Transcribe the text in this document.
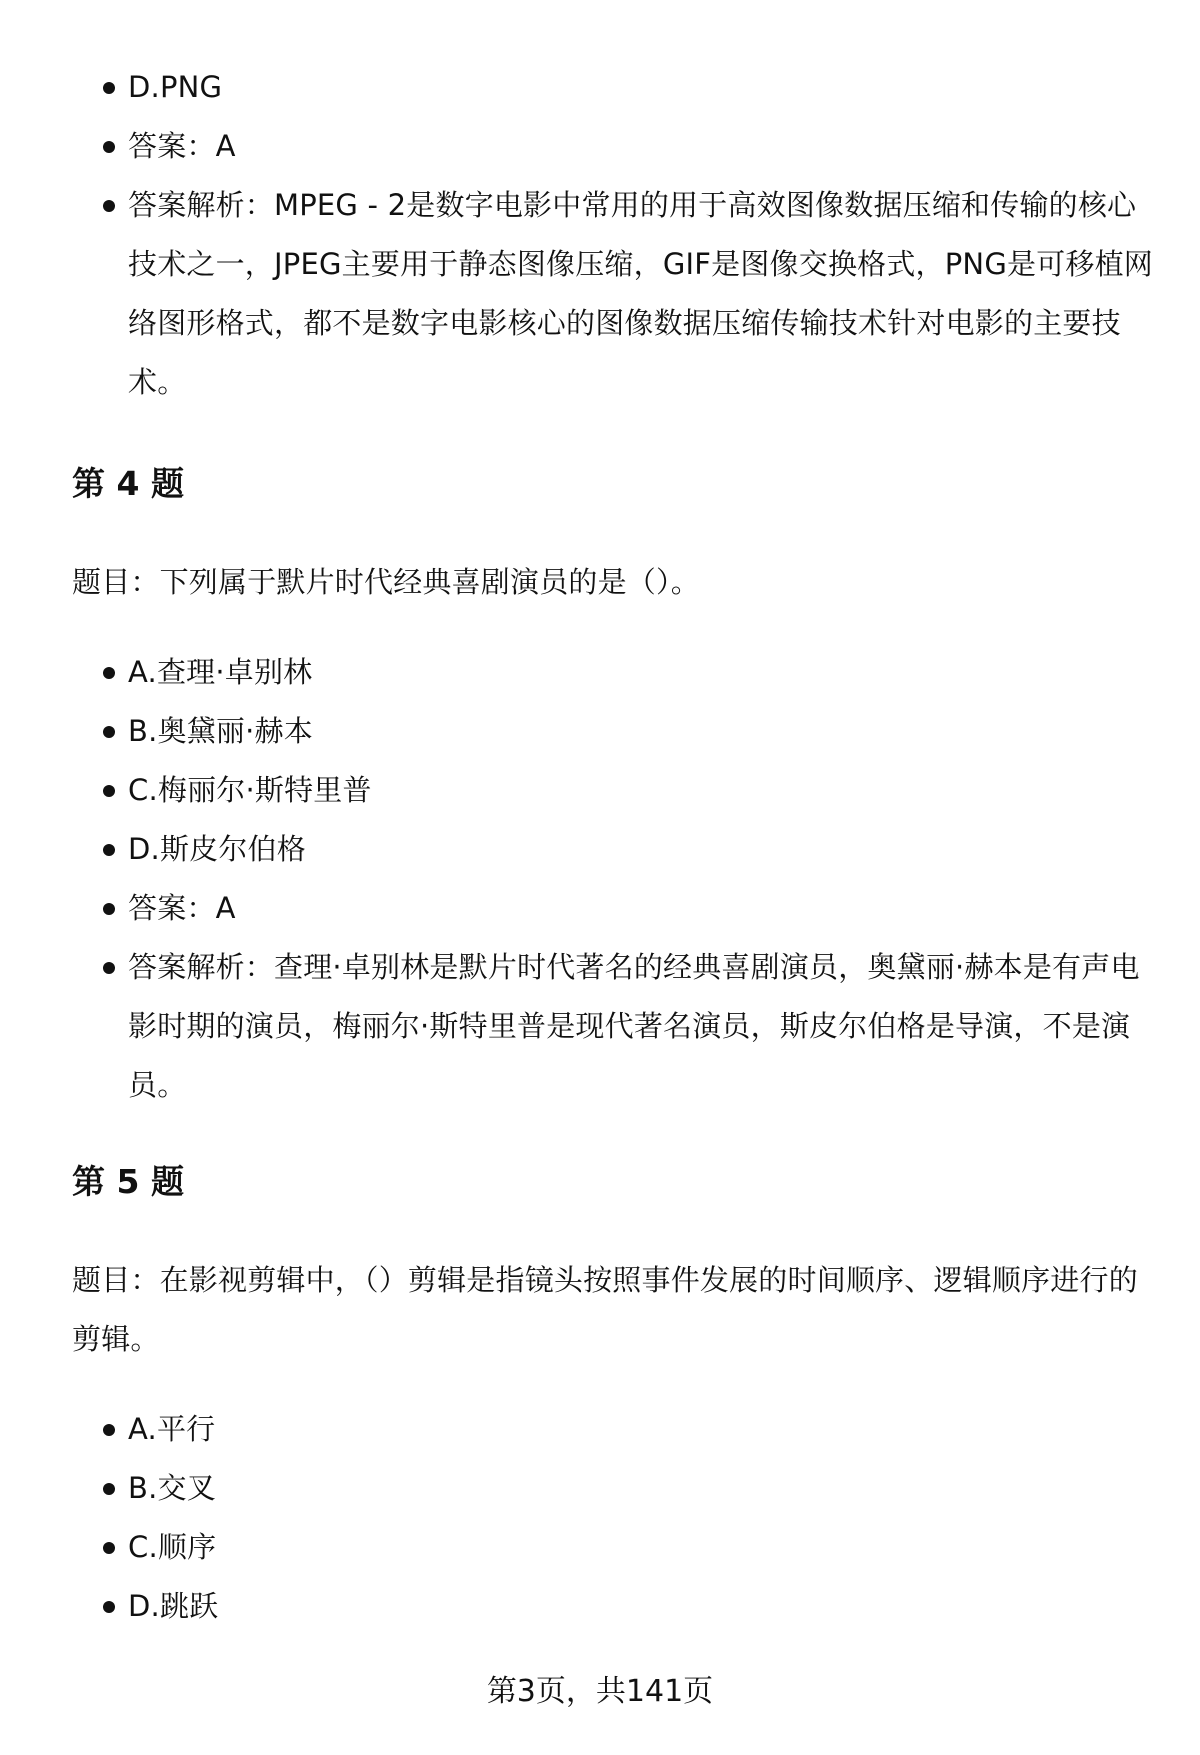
D.PNG
答案：A
答案解析：MPEG - 2是数字电影中常用的用于高效图像数据压缩和传输的核心技术之一，JPEG主要用于静态图像压缩，GIF是图像交换格式，PNG是可移植网络图形格式，都不是数字电影核心的图像数据压缩传输技术针对电影的主要技术。
第 4 题
题目：下列属于默片时代经典喜剧演员的是（）。
A.查理·卓别林
B.奥黛丽·赫本
C.梅丽尔·斯特里普
D.斯皮尔伯格
答案：A
答案解析：查理·卓别林是默片时代著名的经典喜剧演员，奥黛丽·赫本是有声电影时期的演员，梅丽尔·斯特里普是现代著名演员，斯皮尔伯格是导演，不是演员。
第 5 题
题目：在影视剪辑中，（）剪辑是指镜头按照事件发展的时间顺序、逻辑顺序进行的剪辑。
A.平行
B.交叉
C.顺序
D.跳跃
第3页，共141页
